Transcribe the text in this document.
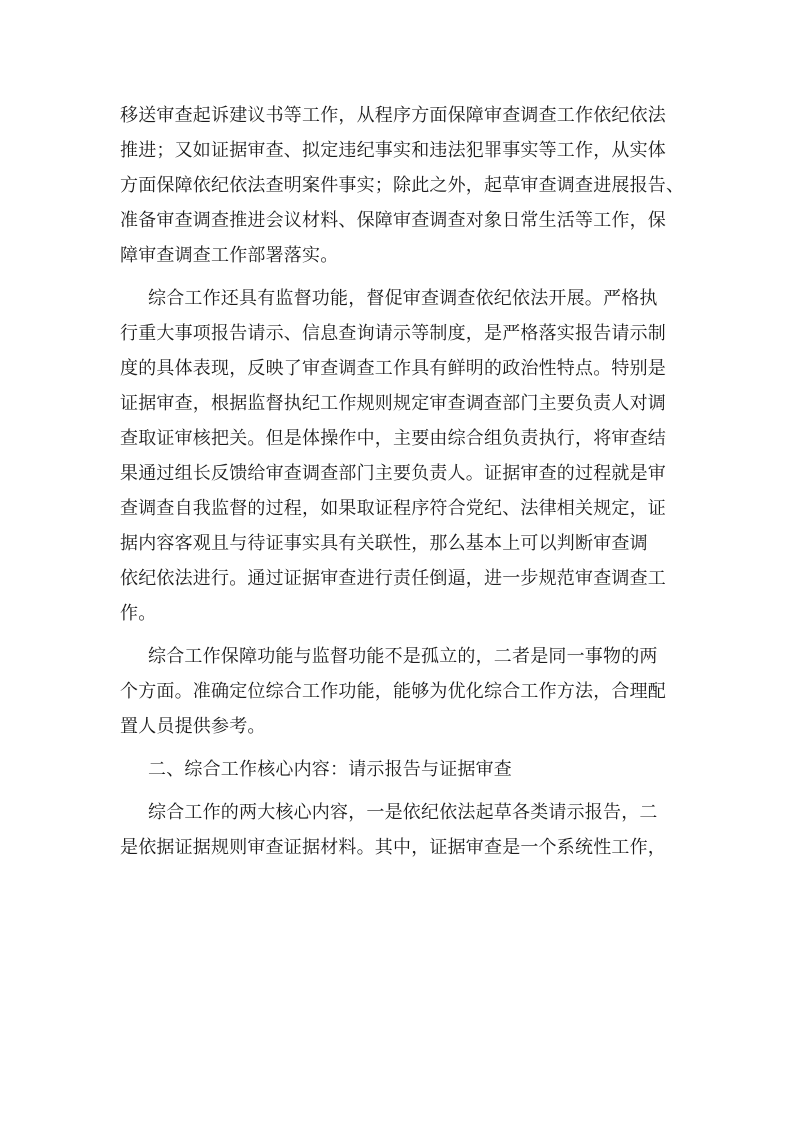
移送审查起诉建议书等工作，从程序方面保障审查调查工作依纪依法
推进；又如证据审查、拟定违纪事实和违法犯罪事实等工作，从实体
方面保障依纪依法查明案件事实；除此之外，起草审查调查进展报告、
准备审查调查推进会议材料、保障审查调查对象日常生活等工作，保
障审查调查工作部署落实。
综合工作还具有监督功能，督促审查调查依纪依法开展。严格执
行重大事项报告请示、信息查询请示等制度，是严格落实报告请示制
度的具体表现，反映了审查调查工作具有鲜明的政治性特点。特别是
证据审查，根据监督执纪工作规则规定审查调查部门主要负责人对调
查取证审核把关。但是体操作中，主要由综合组负责执行，将审查结
果通过组长反馈给审查调查部门主要负责人。证据审查的过程就是审
查调查自我监督的过程，如果取证程序符合党纪、法律相关规定，证
据内容客观且与待证事实具有关联性，那么基本上可以判断审查调
依纪依法进行。通过证据审查进行责任倒逼，进一步规范审查调查工
作。
综合工作保障功能与监督功能不是孤立的，二者是同一事物的两
个方面。准确定位综合工作功能，能够为优化综合工作方法，合理配
置人员提供参考。
二、综合工作核心内容：请示报告与证据审查
综合工作的两大核心内容，一是依纪依法起草各类请示报告，二
是依据证据规则审查证据材料。其中，证据审查是一个系统性工作，
